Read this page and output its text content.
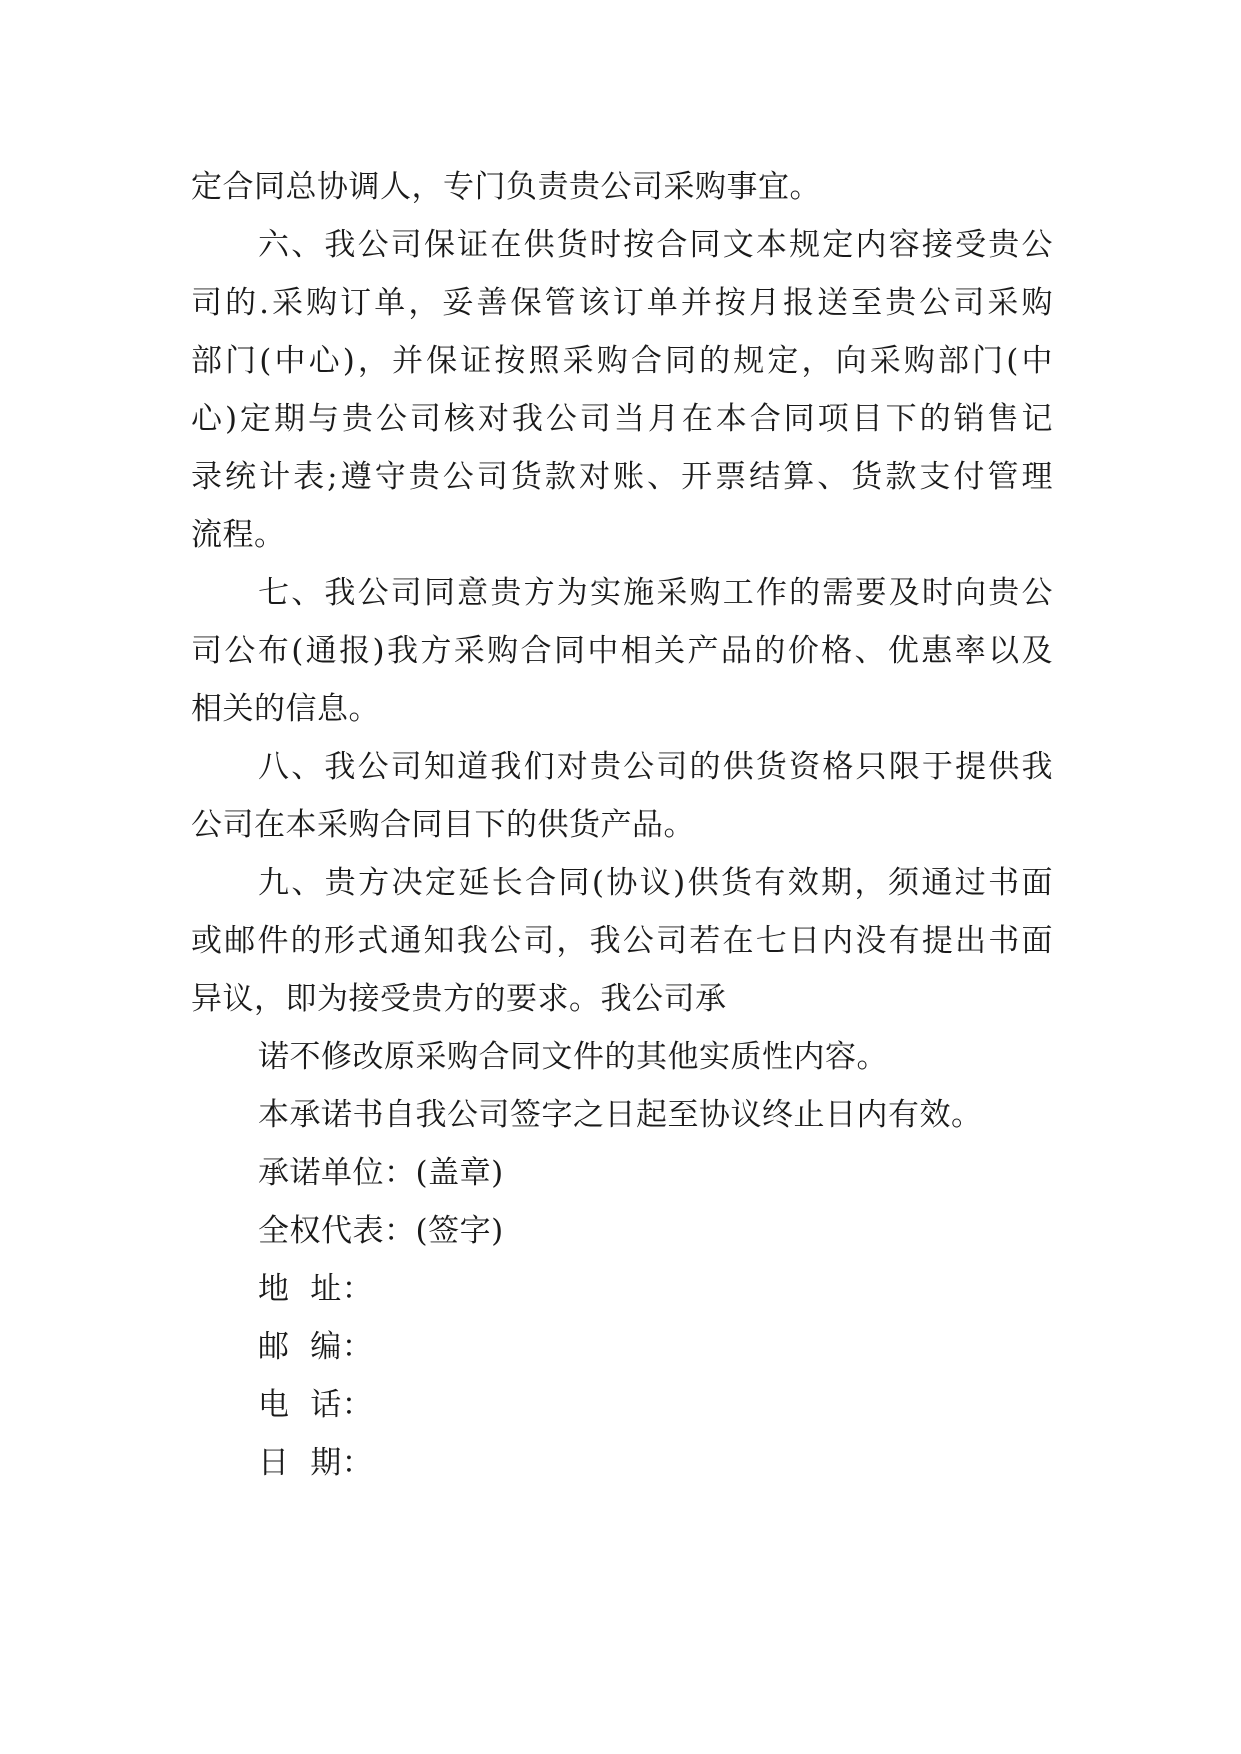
定合同总协调人，专门负责贵公司采购事宜。
六、我公司保证在供货时按合同文本规定内容接受贵公
司的.采购订单，妥善保管该订单并按月报送至贵公司采购
部门(中心)，并保证按照采购合同的规定，向采购部门(中
心)定期与贵公司核对我公司当月在本合同项目下的销售记
录统计表;遵守贵公司货款对账、开票结算、货款支付管理
流程。
七、我公司同意贵方为实施采购工作的需要及时向贵公
司公布(通报)我方采购合同中相关产品的价格、优惠率以及
相关的信息。
八、我公司知道我们对贵公司的供货资格只限于提供我
公司在本采购合同目下的供货产品。
九、贵方决定延长合同(协议)供货有效期，须通过书面
或邮件的形式通知我公司，我公司若在七日内没有提出书面
异议，即为接受贵方的要求。我公司承
诺不修改原采购合同文件的其他实质性内容。
本承诺书自我公司签字之日起至协议终止日内有效。
承诺单位：(盖章)
全权代表：(签字)
地  址：
邮  编：
电  话：
日  期：
